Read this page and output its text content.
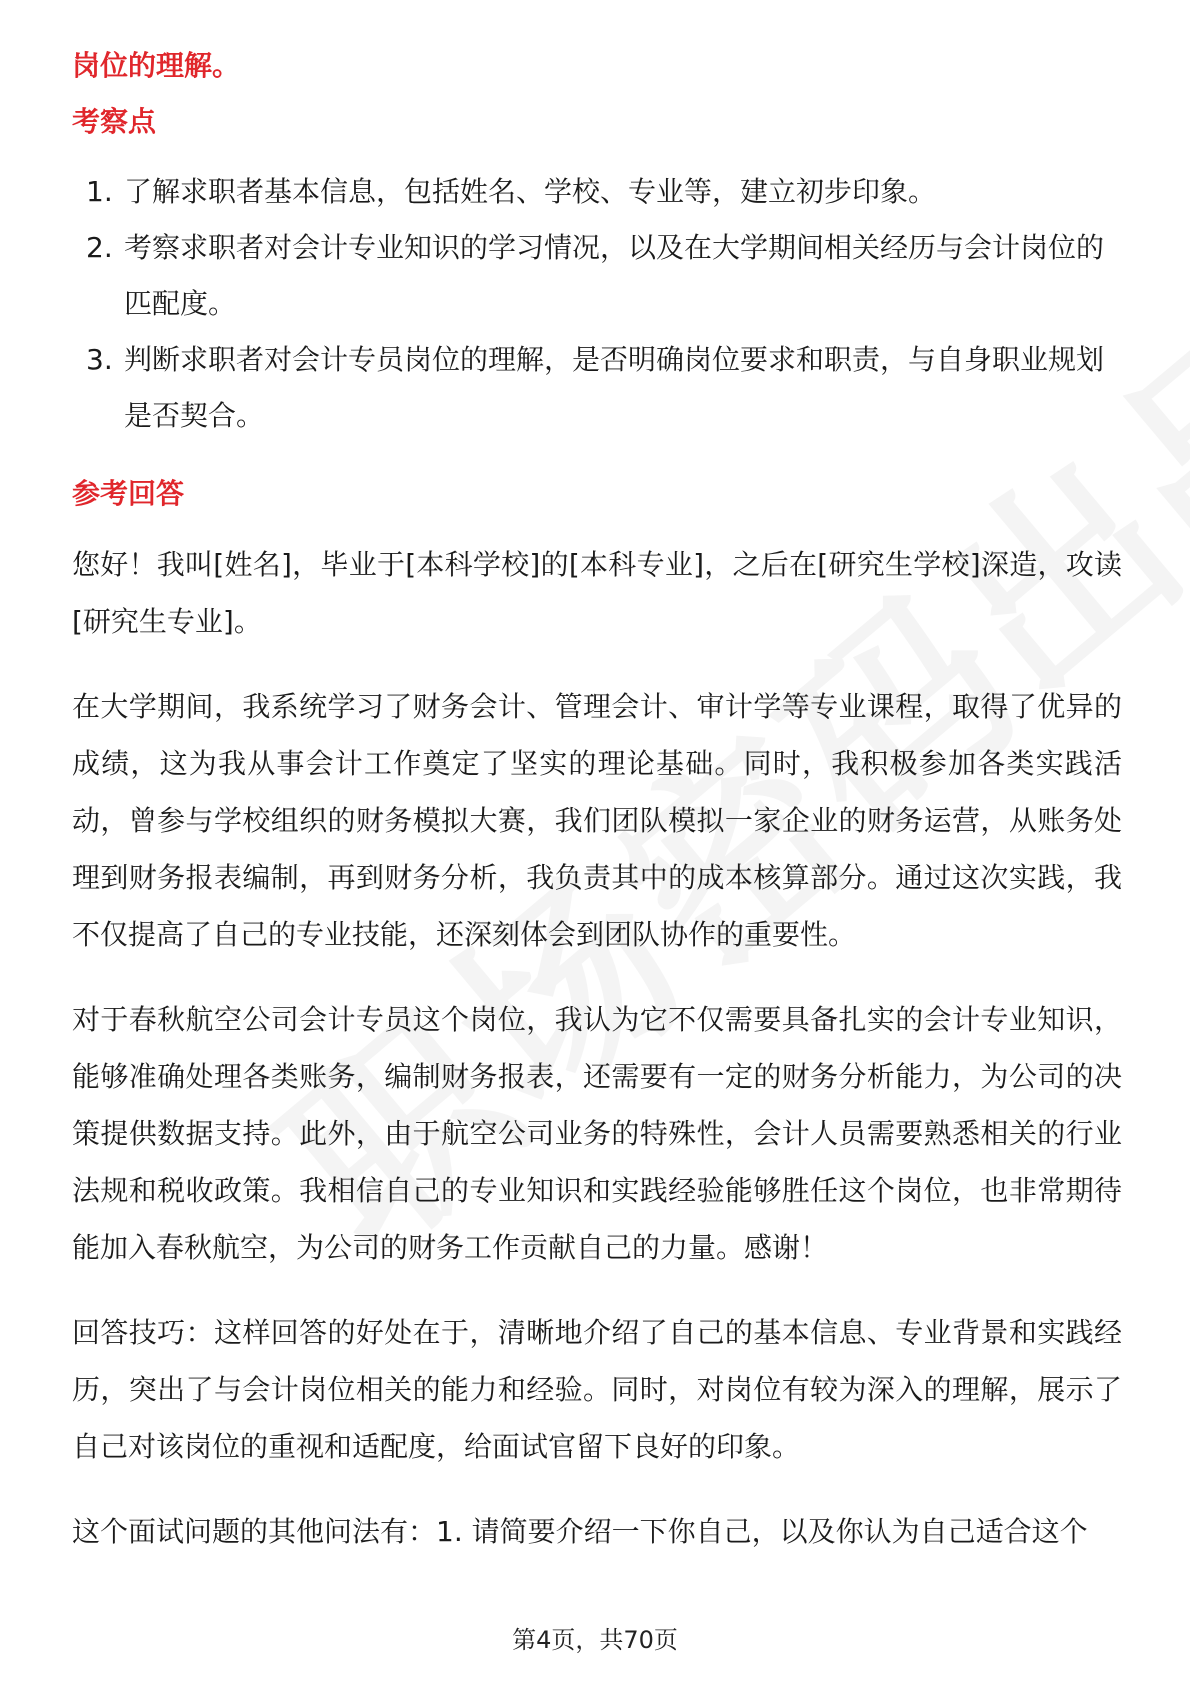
岗位的理解。

考察点

1. 了解求职者基本信息，包括姓名、学校、专业等，建立初步印象。
2. 考察求职者对会计专业知识的学习情况，以及在大学期间相关经历与会计岗位的匹配度。
3. 判断求职者对会计专员岗位的理解，是否明确岗位要求和职责，与自身职业规划是否契合。

参考回答

您好！我叫[姓名]，毕业于[本科学校]的[本科专业]，之后在[研究生学校]深造，攻读[研究生专业]。

在大学期间，我系统学习了财务会计、管理会计、审计学等专业课程，取得了优异的成绩，这为我从事会计工作奠定了坚实的理论基础。同时，我积极参加各类实践活动，曾参与学校组织的财务模拟大赛，我们团队模拟一家企业的财务运营，从账务处理到财务报表编制，再到财务分析，我负责其中的成本核算部分。通过这次实践，我不仅提高了自己的专业技能，还深刻体会到团队协作的重要性。

对于春秋航空公司会计专员这个岗位，我认为它不仅需要具备扎实的会计专业知识，能够准确处理各类账务，编制财务报表，还需要有一定的财务分析能力，为公司的决策提供数据支持。此外，由于航空公司业务的特殊性，会计人员需要熟悉相关的行业法规和税收政策。我相信自己的专业知识和实践经验能够胜任这个岗位，也非常期待能加入春秋航空，为公司的财务工作贡献自己的力量。感谢！

回答技巧：这样回答的好处在于，清晰地介绍了自己的基本信息、专业背景和实践经历，突出了与会计岗位相关的能力和经验。同时，对岗位有较为深入的理解，展示了自己对该岗位的重视和适配度，给面试官留下良好的印象。

这个面试问题的其他问法有：1. 请简要介绍一下你自己，以及你认为自己适合这个

第4页，共70页
